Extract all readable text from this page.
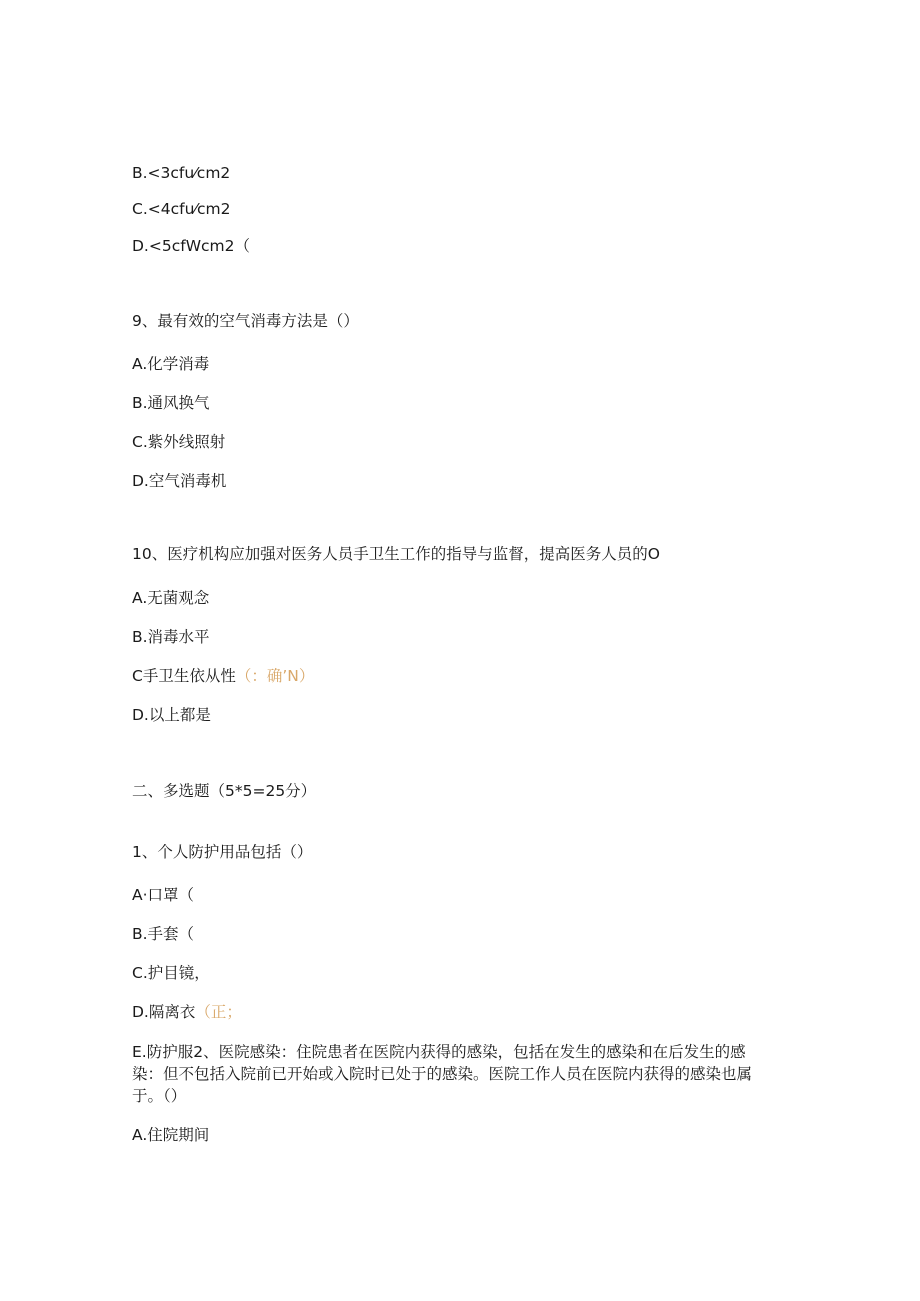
B.<3cfu⁄cm2
C.<4cfu⁄cm2
D.<5cfWcm2（
9、最有效的空气消毒方法是（）
A.化学消毒
B.通风换气
C.紫外线照射
D.空气消毒机
10、医疗机构应加强对医务人员手卫生工作的指导与监督，提高医务人员的O
A.无菌观念
B.消毒水平
C手卫生依从性（：确’N）
D.以上都是
二、多选题（5*5=25分）
1、个人防护用品包括（）
A·口罩（
B.手套（
C.护目镜，
D.隔离衣（正；
E.防护服2、医院感染：住院患者在医院内获得的感染，包括在发生的感染和在后发生的感染：但不包括入院前已开始或入院时已处于的感染。医院工作人员在医院内获得的感染也属于。（）
A.住院期间
